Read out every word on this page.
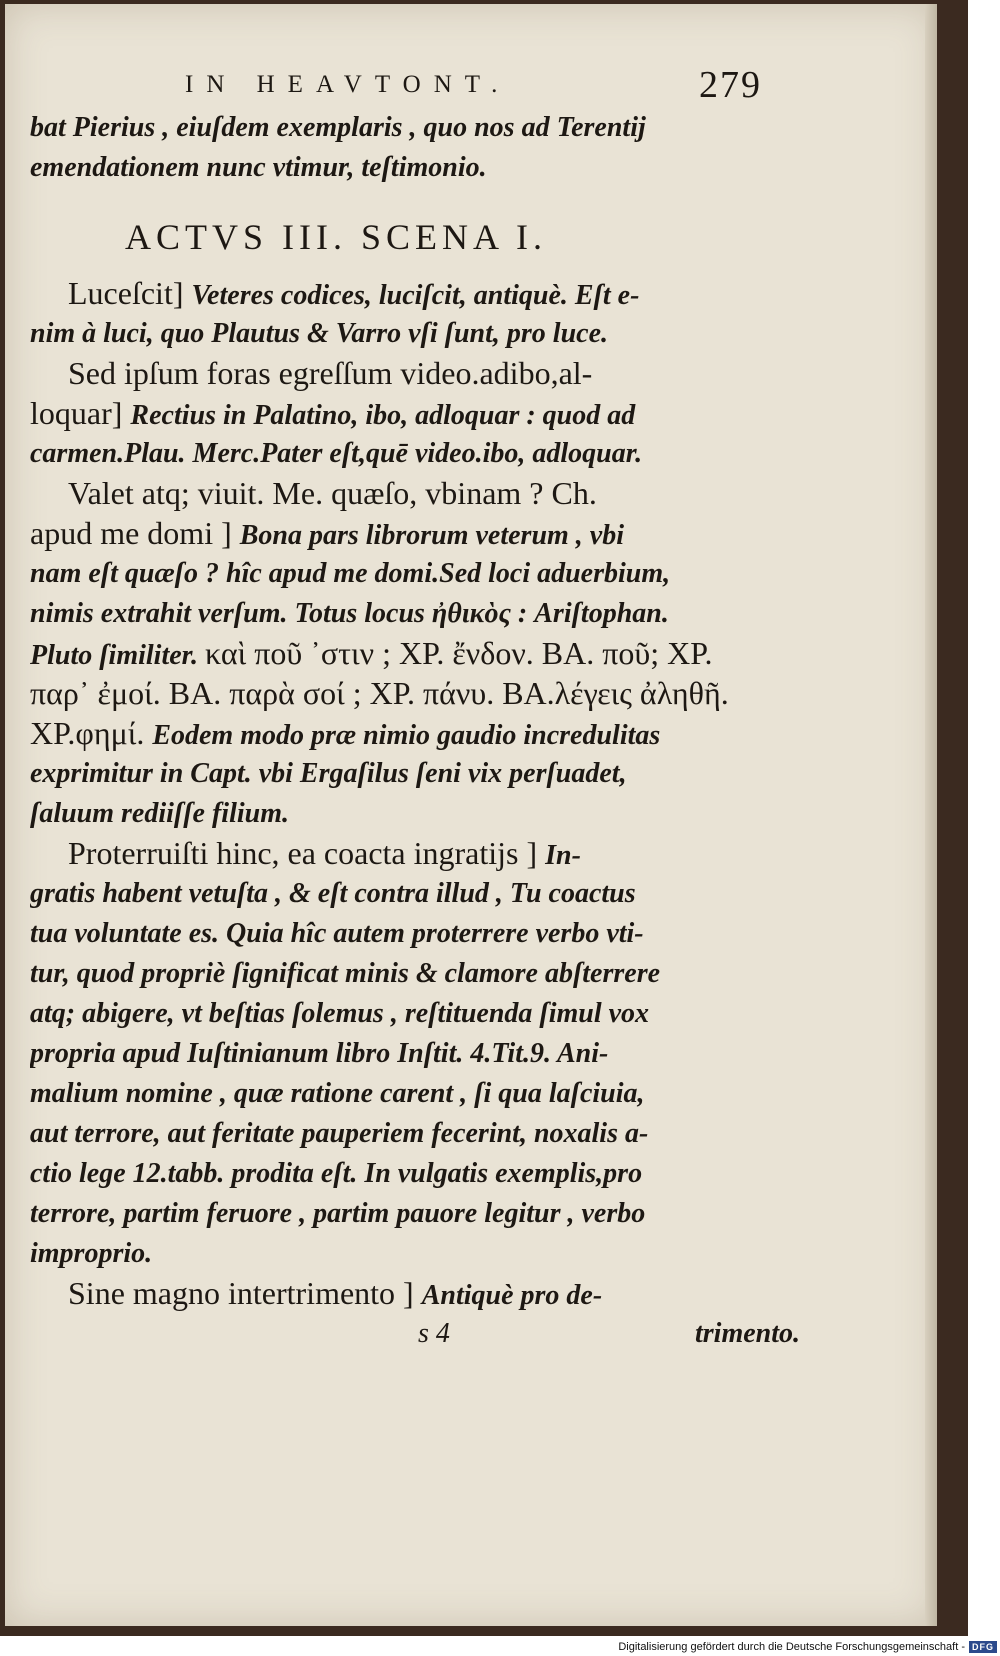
IN HEAVTONT.	279
bat Pierius , eiuſdem exemplaris , quo nos ad Terentij
emendationem nunc vtimur, teſtimonio.
ACTVS III. SCENA I.
Luceſcit] Veteres codices, luciſcit, antiquè. Eſt e-
nim à luci, quo Plautus & Varro vſi ſunt, pro luce.
Sed ipſum foras egreſſum video.adibo,al-
loquar] Rectius in Palatino, ibo, adloquar : quod ad
carmen.Plau. Merc.Pater eſt,quē video.ibo, adloquar.
Valet atq; viuit. Me. quæſo, vbinam ? Ch.
apud me domi ] Bona pars librorum veterum , vbi
nam eſt quæſo ? hîc apud me domi.Sed loci aduerbium,
nimis extrahit verſum. Totus locus ἠθικὸς : Ariſtophan.
Pluto ſimiliter. καὶ ποῦ ᾽στιν ; XP. ἔνδον. BA. ποῦ; XP.
παρ᾽ ἐμοί. BA. παρὰ σοί ; XP. πάνυ. BA.λέγεις ἀληθῆ.
XP.φημί. Eodem modo præ nimio gaudio incredulitas
exprimitur in Capt. vbi Ergaſilus ſeni vix perſuadet,
ſaluum rediiſſe filium.
Proterruiſti hinc, ea coacta ingratijs ] In-
gratis habent vetuſta , & eſt contra illud , Tu coactus
tua voluntate es. Quia hîc autem proterrere verbo vti-
tur, quod propriè ſignificat minis & clamore abſterrere
atq; abigere, vt beſtias ſolemus , reſtituenda ſimul vox
propria apud Iuſtinianum libro Inſtit. 4.Tit.9. Ani-
malium nomine , quæ ratione carent , ſi qua laſciuia,
aut terrore, aut feritate pauperiem fecerint, noxalis a-
ctio lege 12.tabb. prodita eſt. In vulgatis exemplis,pro
terrore, partim feruore , partim pauore legitur , verbo
improprio.
Sine magno intertrimento ] Antiquè pro de-
s 4	trimento.
Digitalisierung gefördert durch die Deutsche Forschungsgemeinschaft - DFG
